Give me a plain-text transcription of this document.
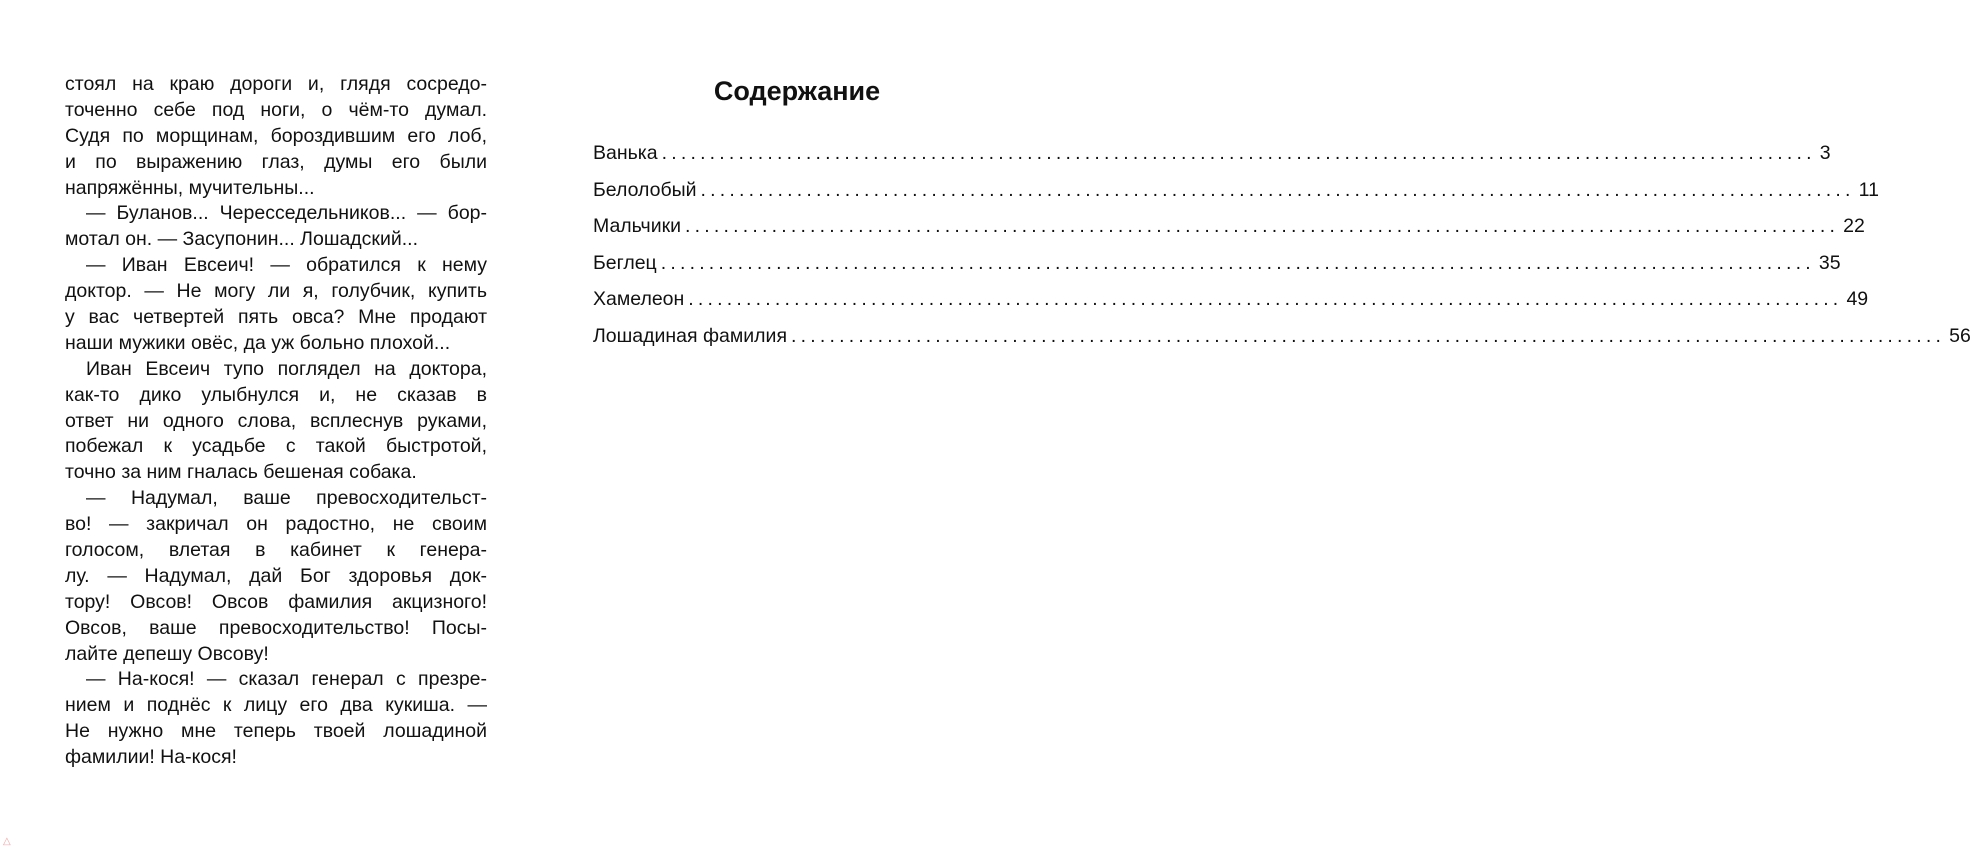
стоял на краю дороги и, глядя сосредо-
точенно себе под ноги, о чём-то думал.
Судя по морщинам, бороздившим его лоб,
и по выражению глаз, думы его были
напряжённы, мучительны...
— Буланов... Чересседельников... — бор-
мотал он. — Засупонин... Лошадский...
— Иван Евсеич! — обратился к нему
доктор. — Не могу ли я, голубчик, купить
у вас четвертей пять овса? Мне продают
наши мужики овёс, да уж больно плохой...
Иван Евсеич тупо поглядел на доктора,
как-то дико улыбнулся и, не сказав в
ответ ни одного слова, всплеснув руками,
побежал к усадьбе с такой быстротой,
точно за ним гналась бешеная собака.
— Надумал, ваше превосходительст-
во! — закричал он радостно, не своим
голосом, влетая в кабинет к генера-
лу. — Надумал, дай Бог здоровья док-
тору! Овсов! Овсов фамилия акцизного!
Овсов, ваше превосходительство! Посы-
лайте депешу Овсову!
— На-кося! — сказал генерал с презре-
нием и поднёс к лицу его два кукиша. —
Не нужно мне теперь твоей лошадиной
фамилии! На-кося!
Содержание
Ванька ........................................................................................................................ 3
Белолобый ........................................................................................................................ 11
Мальчики ........................................................................................................................ 22
Беглец ........................................................................................................................ 35
Хамелеон ........................................................................................................................ 49
Лошадиная фамилия ........................................................................................................................ 56
△
